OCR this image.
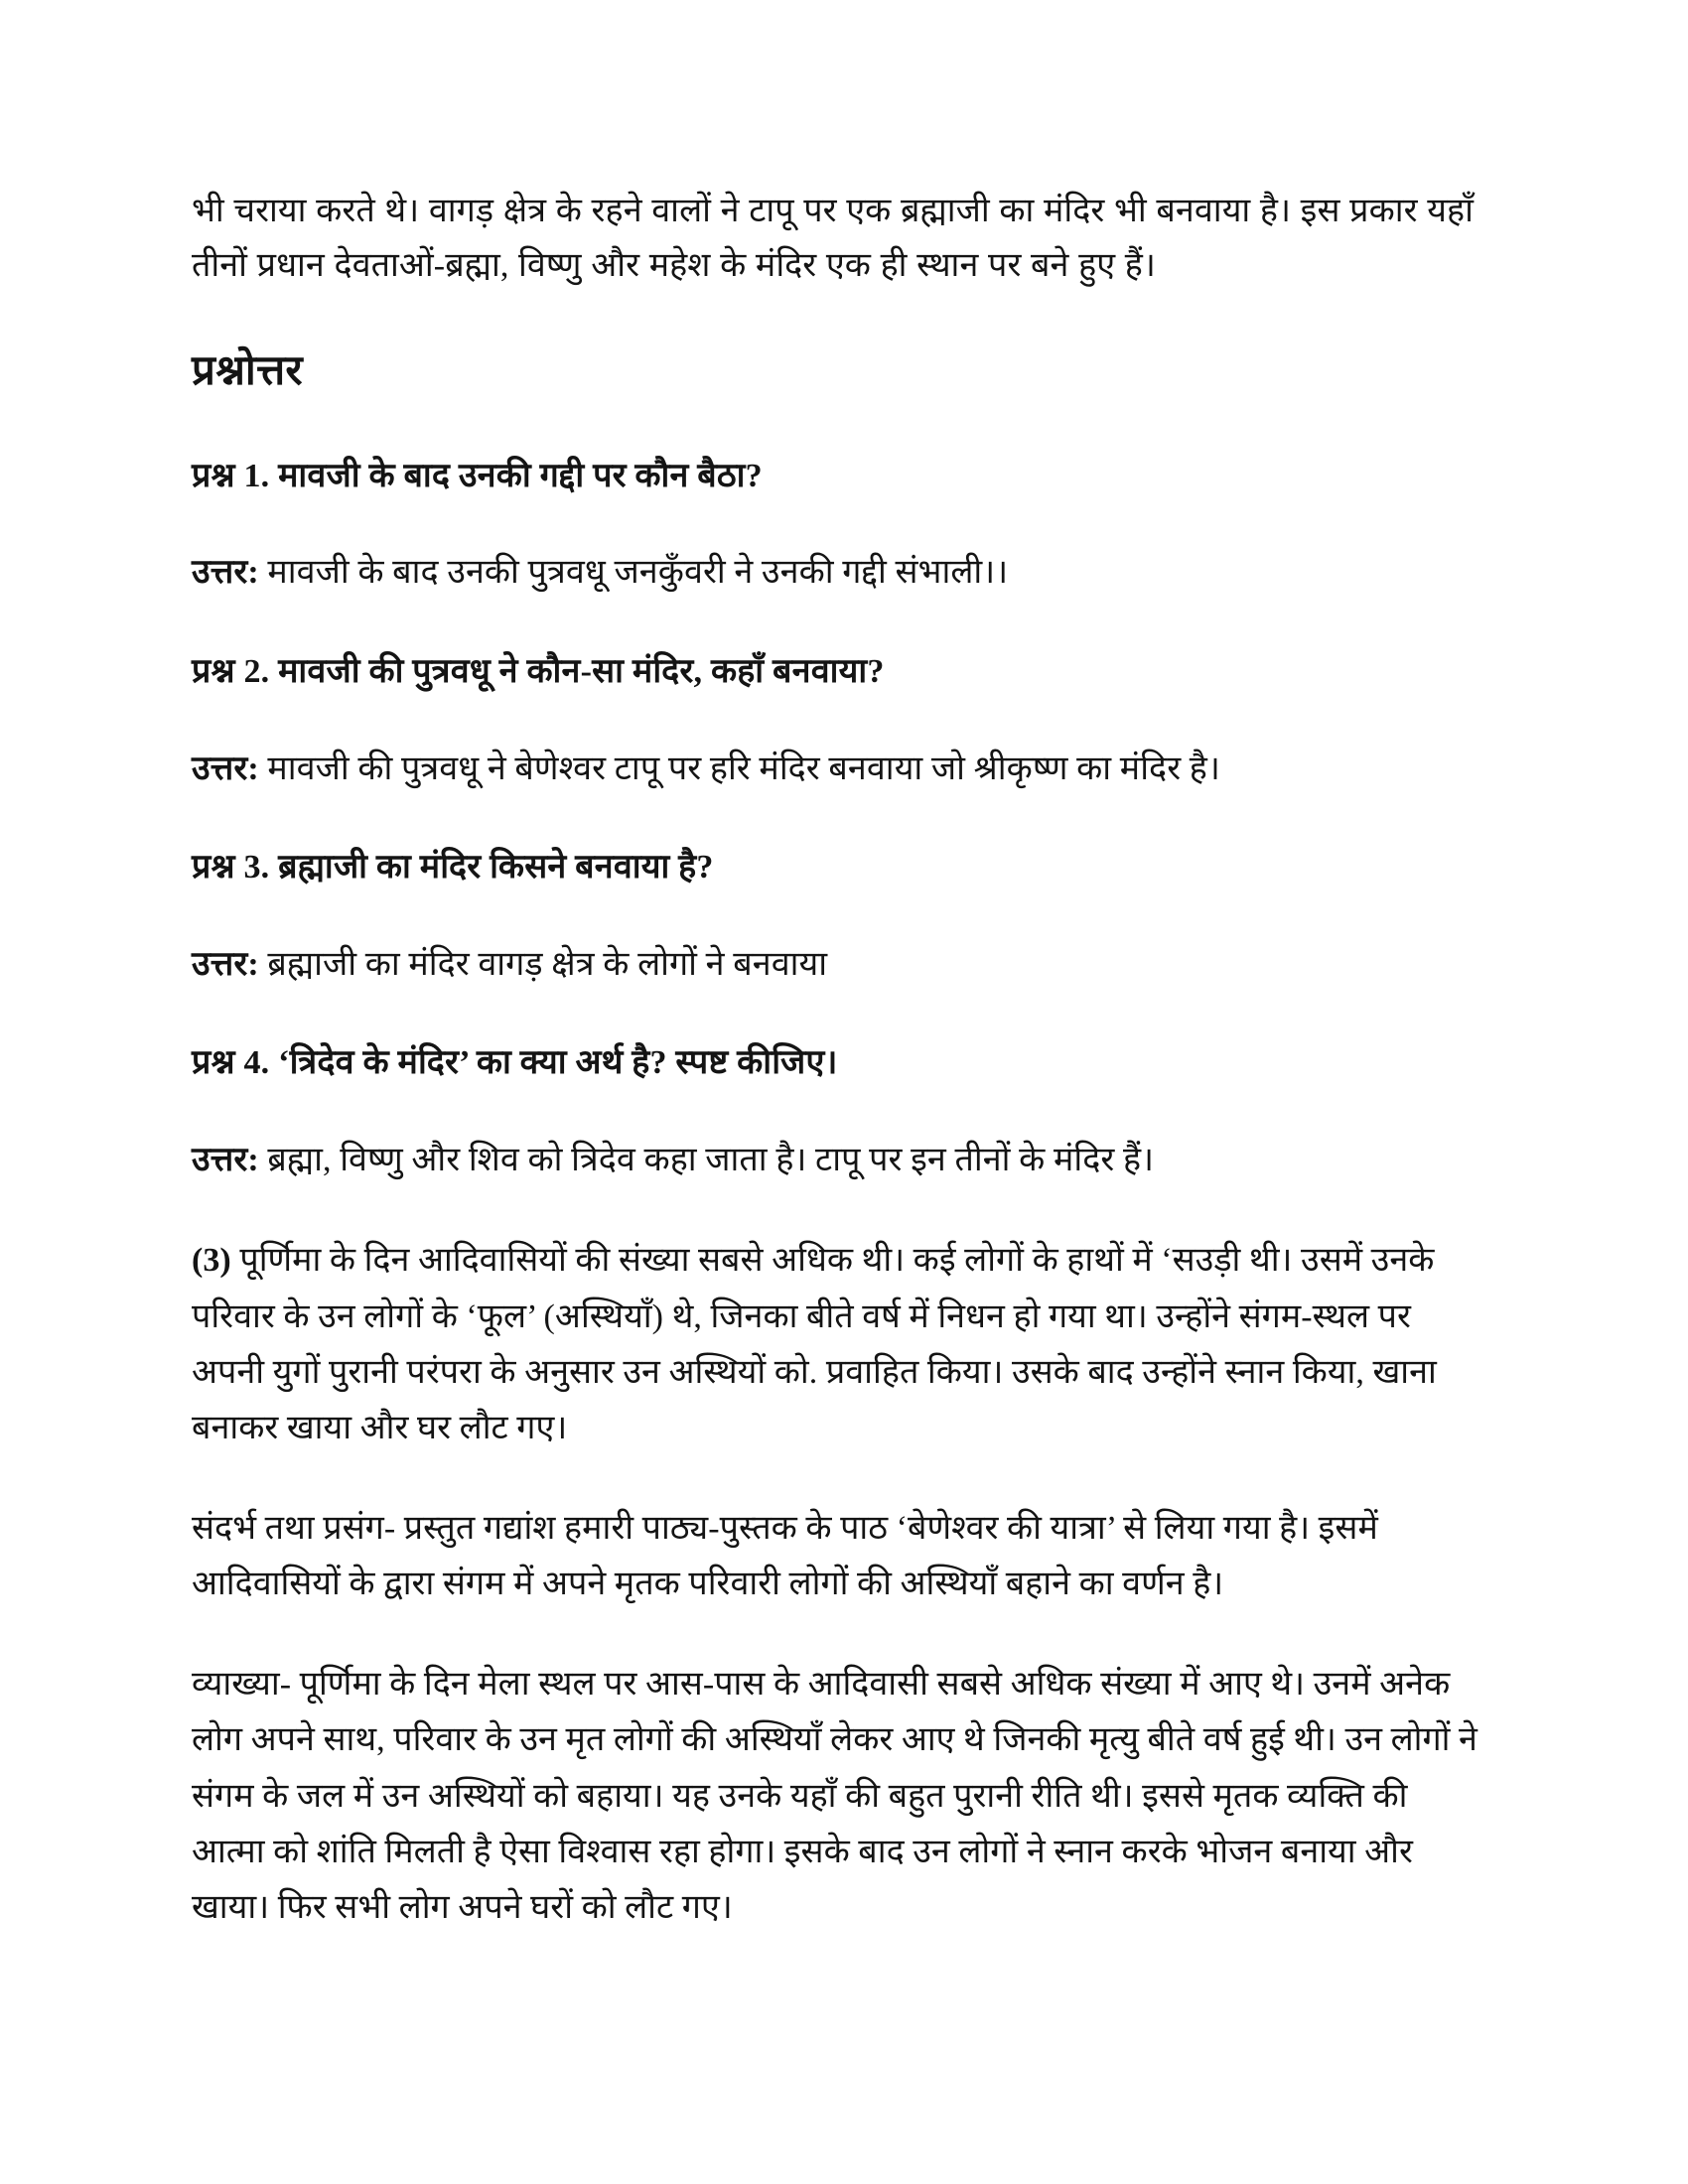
भी चराया करते थे। वागड़ क्षेत्र के रहने वालों ने टापू पर एक ब्रह्माजी का मंदिर भी बनवाया है। इस प्रकार यहाँ तीनों प्रधान देवताओं-ब्रह्मा, विष्णु और महेश के मंदिर एक ही स्थान पर बने हुए हैं।

प्रश्नोत्तर

प्रश्न 1. मावजी के बाद उनकी गद्दी पर कौन बैठा?

उत्तर: मावजी के बाद उनकी पुत्रवधू जनकुँवरी ने उनकी गद्दी संभाली।।

प्रश्न 2. मावजी की पुत्रवधू ने कौन-सा मंदिर, कहाँ बनवाया?

उत्तर: मावजी की पुत्रवधू ने बेणेश्वर टापू पर हरि मंदिर बनवाया जो श्रीकृष्ण का मंदिर है।

प्रश्न 3. ब्रह्माजी का मंदिर किसने बनवाया है?

उत्तर: ब्रह्माजी का मंदिर वागड़ क्षेत्र के लोगों ने बनवाया

प्रश्न 4. ‘त्रिदेव के मंदिर’ का क्या अर्थ है? स्पष्ट कीजिए।

उत्तर: ब्रह्मा, विष्णु और शिव को त्रिदेव कहा जाता है। टापू पर इन तीनों के मंदिर हैं।

(3) पूर्णिमा के दिन आदिवासियों की संख्या सबसे अधिक थी। कई लोगों के हाथों में ‘सउड़ी थी। उसमें उनके परिवार के उन लोगों के ‘फूल’ (अस्थियाँ) थे, जिनका बीते वर्ष में निधन हो गया था। उन्होंने संगम-स्थल पर अपनी युगों पुरानी परंपरा के अनुसार उन अस्थियों को. प्रवाहित किया। उसके बाद उन्होंने स्नान किया, खाना बनाकर खाया और घर लौट गए।

संदर्भ तथा प्रसंग- प्रस्तुत गद्यांश हमारी पाठ्य-पुस्तक के पाठ ‘बेणेश्वर की यात्रा’ से लिया गया है। इसमें आदिवासियों के द्वारा संगम में अपने मृतक परिवारी लोगों की अस्थियाँ बहाने का वर्णन है।

व्याख्या- पूर्णिमा के दिन मेला स्थल पर आस-पास के आदिवासी सबसे अधिक संख्या में आए थे। उनमें अनेक लोग अपने साथ, परिवार के उन मृत लोगों की अस्थियाँ लेकर आए थे जिनकी मृत्यु बीते वर्ष हुई थी। उन लोगों ने संगम के जल में उन अस्थियों को बहाया। यह उनके यहाँ की बहुत पुरानी रीति थी। इससे मृतक व्यक्ति की आत्मा को शांति मिलती है ऐसा विश्वास रहा होगा। इसके बाद उन लोगों ने स्नान करके भोजन बनाया और खाया। फिर सभी लोग अपने घरों को लौट गए।
